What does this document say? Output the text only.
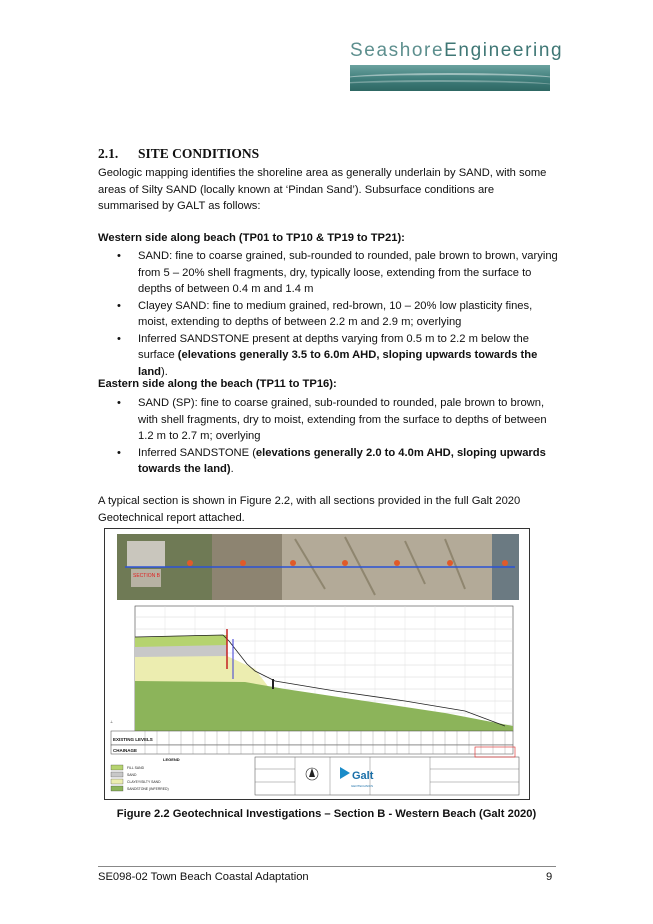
SeashoreEngineering
2.1. SITE CONDITIONS
Geologic mapping identifies the shoreline area as generally underlain by SAND, with some areas of Silty SAND (locally known at ‘Pindan Sand’). Subsurface conditions are summarised by GALT as follows:
Western side along beach (TP01 to TP10 & TP19 to TP21):
• SAND: fine to coarse grained, sub-rounded to rounded, pale brown to brown, varying from 5 – 20% shell fragments, dry, typically loose, extending from the surface to depths of between 0.4 m and 1.4 m
• Clayey SAND: fine to medium grained, red-brown, 10 – 20% low plasticity fines, moist, extending to depths of between 2.2 m and 2.9 m; overlying
• Inferred SANDSTONE present at depths varying from 0.5 m to 2.2 m below the surface (elevations generally 3.5 to 6.0m AHD, sloping upwards towards the land).
Eastern side along the beach (TP11 to TP16):
• SAND (SP): fine to coarse grained, sub-rounded to rounded, pale brown to brown, with shell fragments, dry to moist, extending from the surface to depths of between 1.2 m to 2.7 m; overlying
• Inferred SANDSTONE (elevations generally 2.0 to 4.0m AHD, sloping upwards towards the land).
A typical section is shown in Figure 2.2, with all sections provided in the full Galt 2020 Geotechnical report attached.
SECTION B
⊥
EXISTING LEVELS
CHAINAGE
LEGEND
FILL SAND
SAND
CLAYEY/SILTY SAND
SANDSTONE (INFERRED)
Galt
GEOTECHNICS
Figure 2.2 Geotechnical Investigations – Section B - Western Beach (Galt 2020)
SE098-02 Town Beach Coastal Adaptation	9
